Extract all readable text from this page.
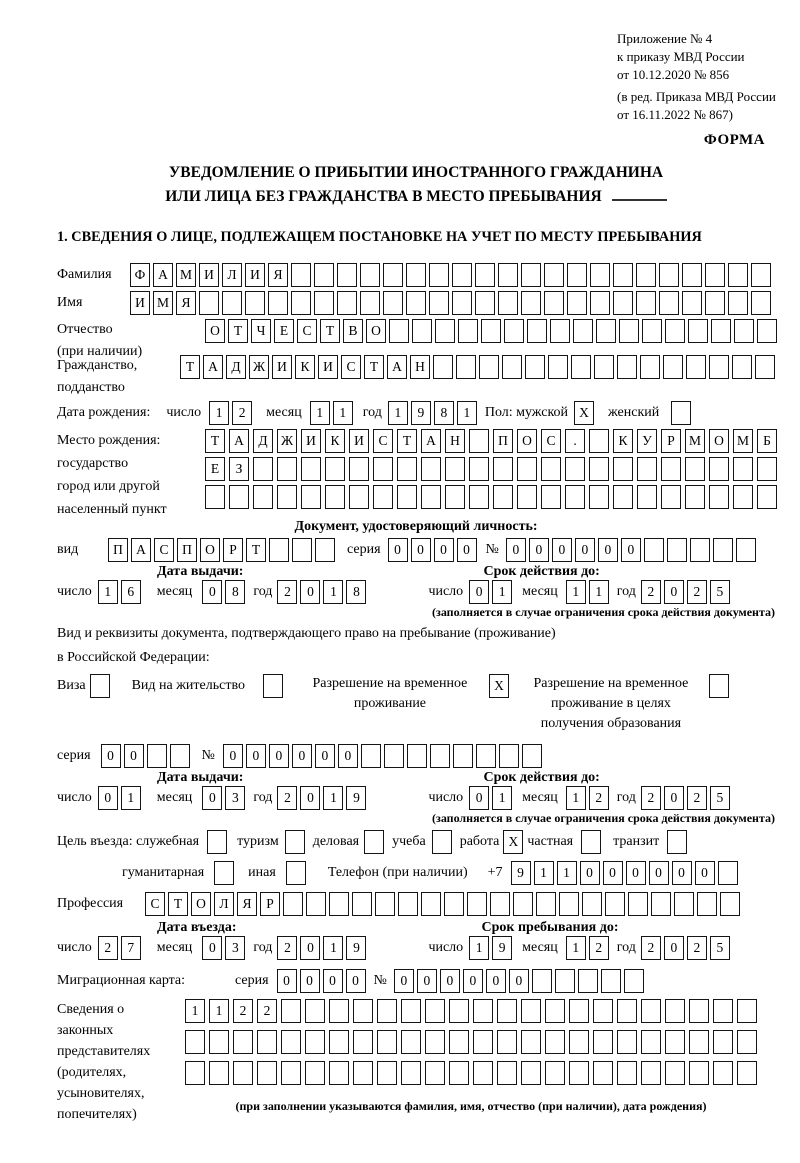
Приложение № 4
к приказу МВД России
от 10.12.2020 № 856
(в ред. Приказа МВД России
от 16.11.2022 № 867)
ФОРМА
УВЕДОМЛЕНИЕ О ПРИБЫТИИ ИНОСТРАННОГО ГРАЖДАНИНА
ИЛИ ЛИЦА БЕЗ ГРАЖДАНСТВА В МЕСТО ПРЕБЫВАНИЯ
1. СВЕДЕНИЯ О ЛИЦЕ, ПОДЛЕЖАЩЕМ ПОСТАНОВКЕ НА УЧЕТ ПО МЕСТУ ПРЕБЫВАНИЯ
Фамилия	Ф А М И	Л	И	Я
Имя	И М Я
Отчество
(при наличии)
О	Т	Ч	Е	С	Т	В	О
Гражданство,
подданство
Т	А	Д Ж И	К	И	С	Т	А Н
Дата рождения: число	1	2	месяц	1	1	год 1	9	8	1	Пол: мужской X	женский
Место рождения:
государство
город или другой
населенный пункт
Т	А	Д Ж И	К	И	С	Т	А	Н	П	О	С	.	К	У	Р	М О М	Б
Е	З
Документ, удостоверяющий личность:
вид	П А	С	П О	Р	Т	серия	0	0	0	0	№	0	0	0	0	0	0
Дата выдачи:	Срок действия до:
число 1	6	месяц	0	8	год 2	0	1	8	число 0	1	месяц	1	1	год 2	0	2	5
(заполняется в случае ограничения срока действия документа)
Вид и реквизиты документа, подтверждающего право на пребывание (проживание)
в Российской Федерации:
Виза	Вид на жительство	Разрешение на временное
проживание
X	Разрешение на временное
проживание в целях
получения образования
серия	0	0	№	0	0	0	0	0	0
Дата выдачи:	Срок действия до:
число 0	1	месяц	0	3	год 2	0	1	9	число 0	1	месяц	1	2	год 2	0	2	5
(заполняется в случае ограничения срока действия документа)
Цель въезда: служебная	туризм деловая учеба работа X частная	транзит
гуманитарная	иная	Телефон (при наличии) +7	9	1	1	0	0	0	0	0	0
Профессия	С	Т	О	Л	Я	Р
Дата въезда:	Срок пребывания до:
число 2	7	месяц	0	3	год 2	0	1	9	число 1	9	месяц	1	2	год 2	0	2	5
Миграционная карта:	серия	0	0	0	0	№	0	0	0	0	0	0
Сведения о
законных
представителях
(родителях,
усыновителях,
попечителях)
1	1	2	2
(при заполнении указываются фамилия, имя, отчество (при наличии), дата рождения)
